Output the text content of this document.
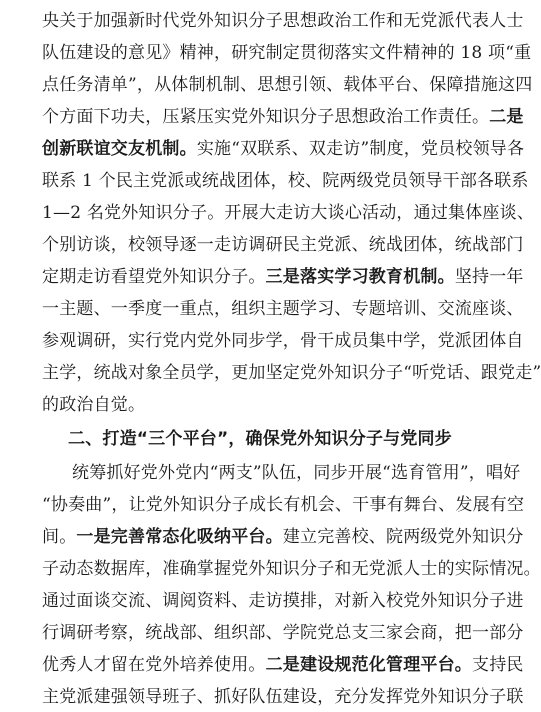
央关于加强新时代党外知识分子思想政治工作和无党派代表人士
队伍建设的意见》精神，研究制定贯彻落实文件精神的 18 项“重
点任务清单”，从体制机制、思想引领、载体平台、保障措施这四
个方面下功夫，压紧压实党外知识分子思想政治工作责任。二是
创新联谊交友机制。实施“双联系、双走访”制度，党员校领导各
联系 1 个民主党派或统战团体，校、院两级党员领导干部各联系
1—2 名党外知识分子。开展大走访大谈心活动，通过集体座谈、
个别访谈，校领导逐一走访调研民主党派、统战团体，统战部门
定期走访看望党外知识分子。三是落实学习教育机制。坚持一年
一主题、一季度一重点，组织主题学习、专题培训、交流座谈、
参观调研，实行党内党外同步学，骨干成员集中学，党派团体自
主学，统战对象全员学，更加坚定党外知识分子“听党话、跟党走”
的政治自觉。
二、打造“三个平台”，确保党外知识分子与党同步
统筹抓好党外党内“两支”队伍，同步开展“选育管用”，唱好
“协奏曲”，让党外知识分子成长有机会、干事有舞台、发展有空
间。一是完善常态化吸纳平台。建立完善校、院两级党外知识分
子动态数据库，准确掌握党外知识分子和无党派人士的实际情况。
通过面谈交流、调阅资料、走访摸排，对新入校党外知识分子进
行调研考察，统战部、组织部、学院党总支三家会商，把一部分
优秀人才留在党外培养使用。二是建设规范化管理平台。支持民
主党派建强领导班子、抓好队伍建设，充分发挥党外知识分子联
